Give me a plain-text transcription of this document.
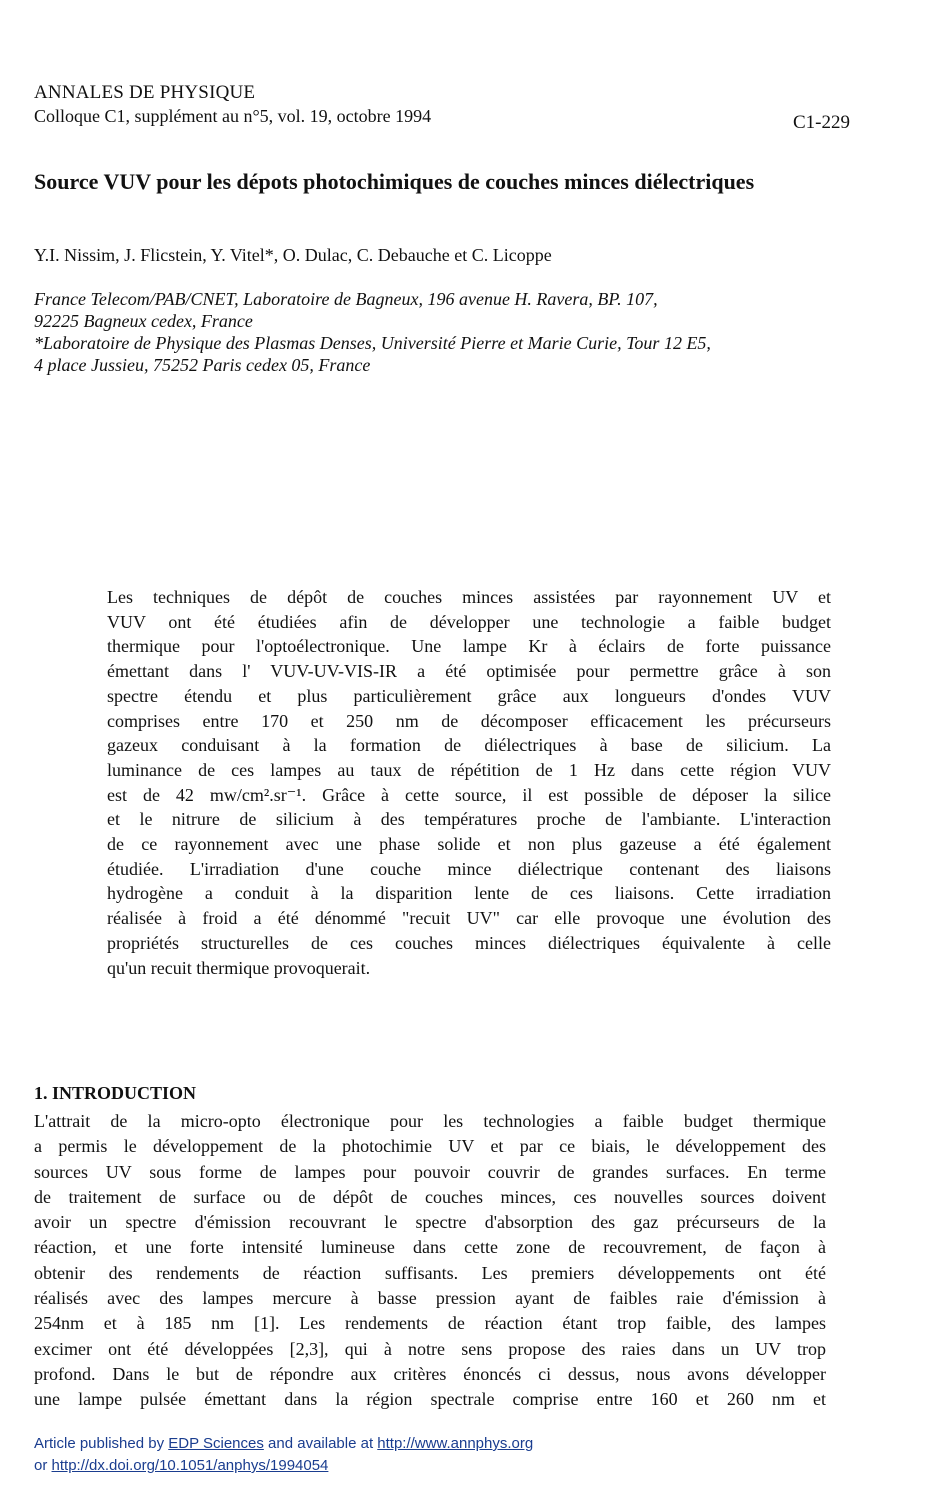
ANNALES DE PHYSIQUE
Colloque C1, supplément au n°5, vol. 19, octobre 1994	C1-229
Source VUV pour les dépots photochimiques de couches minces diélectriques
Y.I. Nissim, J. Flicstein, Y. Vitel*, O. Dulac, C. Debauche et C. Licoppe
France Telecom/PAB/CNET, Laboratoire de Bagneux, 196 avenue H. Ravera, BP. 107,
92225 Bagneux cedex, France
*Laboratoire de Physique des Plasmas Denses, Université Pierre et Marie Curie, Tour 12 E5,
4 place Jussieu, 75252 Paris cedex 05, France
Les techniques de dépôt de couches minces assistées par rayonnement UV et
VUV ont été étudiées afin de développer une technologie a faible budget
thermique pour l'optoélectronique. Une lampe Kr à éclairs de forte puissance
émettant dans l' VUV-UV-VIS-IR a été optimisée pour permettre grâce à son
spectre étendu et plus particulièrement grâce aux longueurs d'ondes VUV
comprises entre 170 et 250 nm de décomposer efficacement les précurseurs
gazeux conduisant à la formation de diélectriques à base de silicium. La
luminance de ces lampes au taux de répétition de 1 Hz dans cette région VUV
est de 42 mw/cm².sr⁻¹. Grâce à cette source, il est possible de déposer la silice
et le nitrure de silicium à des températures proche de l'ambiante. L'interaction
de ce rayonnement avec une phase solide et non plus gazeuse a été également
étudiée. L'irradiation d'une couche mince diélectrique contenant des liaisons
hydrogène a conduit à la disparition lente de ces liaisons. Cette irradiation
réalisée à froid a été dénommé "recuit UV" car elle provoque une évolution des
propriétés structurelles de ces couches minces diélectriques équivalente à celle
qu'un recuit thermique provoquerait.
1. INTRODUCTION
L'attrait de la micro-opto électronique pour les technologies a faible budget thermique
a permis le développement de la photochimie UV et par ce biais, le développement des
sources UV sous forme de lampes pour pouvoir couvrir de grandes surfaces. En terme
de traitement de surface ou de dépôt de couches minces, ces nouvelles sources doivent
avoir un spectre d'émission recouvrant le spectre d'absorption des gaz précurseurs de la
réaction, et une forte intensité lumineuse dans cette zone de recouvrement, de façon à
obtenir des rendements de réaction suffisants. Les premiers développements ont été
réalisés avec des lampes mercure à basse pression ayant de faibles raie d'émission à
254nm et à 185 nm [1]. Les rendements de réaction étant trop faible, des lampes
excimer ont été développées [2,3], qui à notre sens propose des raies dans un UV trop
profond. Dans le but de répondre aux critères énoncés ci dessus, nous avons développer
une lampe pulsée émettant dans la région spectrale comprise entre 160 et 260 nm et
Article published by EDP Sciences and available at http://www.annphys.org
or http://dx.doi.org/10.1051/anphys/1994054
